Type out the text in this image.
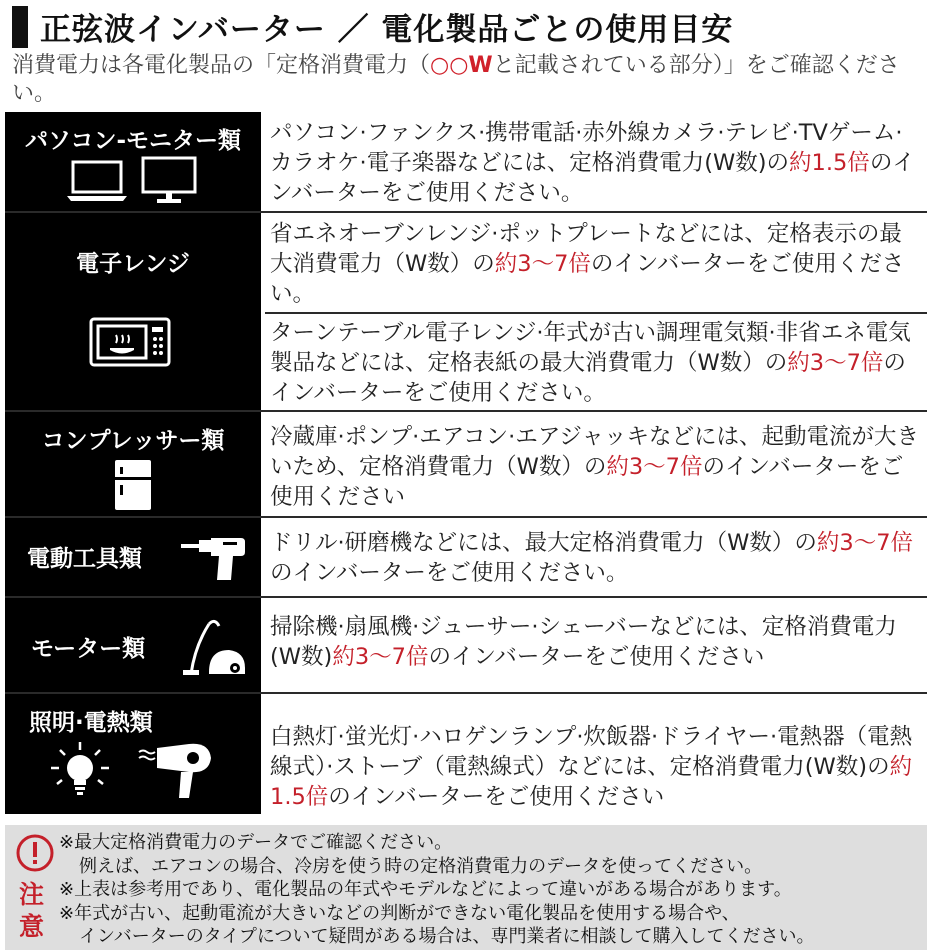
正弦波インバーター ／ 電化製品ごとの使用目安
消費電力は各電化製品の「定格消費電力（○○Wと記載されている部分）」をご確認ください。
パソコン-モニター類	パソコン·ファンクス·携帯電話·赤外線カメラ·テレビ·TVゲーム·カラオケ·電子楽器などには、定格消費電力(W数)の約1.5倍のインバーターをご使用ください。
電子レンジ
省エネオーブンレンジ·ポットプレートなどには、定格表示の最大消費電力（W数）の約3〜7倍のインバーターをご使用ください。
ターンテーブル電子レンジ·年式が古い調理電気類·非省エネ電気製品などには、定格表紙の最大消費電力（W数）の約3〜7倍のインバーターをご使用ください。
コンプレッサー類	冷蔵庫·ポンプ·エアコン·エアジャッキなどには、起動電流が大きいため、定格消費電力（W数）の約3〜7倍のインバーターをご使用ください
電動工具類
ドリル·研磨機などには、最大定格消費電力（W数）の約3〜7倍のインバーターをご使用ください。
モーター類
掃除機·扇風機·ジューサー·シェーバーなどには、定格消費電力(W数)約3〜7倍のインバーターをご使用ください
照明·電熱類
白熱灯·蛍光灯·ハロゲンランプ·炊飯器·ドライヤー·電熱器（電熱線式）·ストーブ（電熱線式）などには、定格消費電力(W数)の約1.5倍のインバーターをご使用ください
注
意
※最大定格消費電力のデータでご確認ください。
例えば、エアコンの場合、冷房を使う時の定格消費電力のデータを使ってください。
※上表は参考用であり、電化製品の年式やモデルなどによって違いがある場合があります。
※年式が古い、起動電流が大きいなどの判断ができない電化製品を使用する場合や、
インバーターのタイプについて疑問がある場合は、専門業者に相談して購入してください。
